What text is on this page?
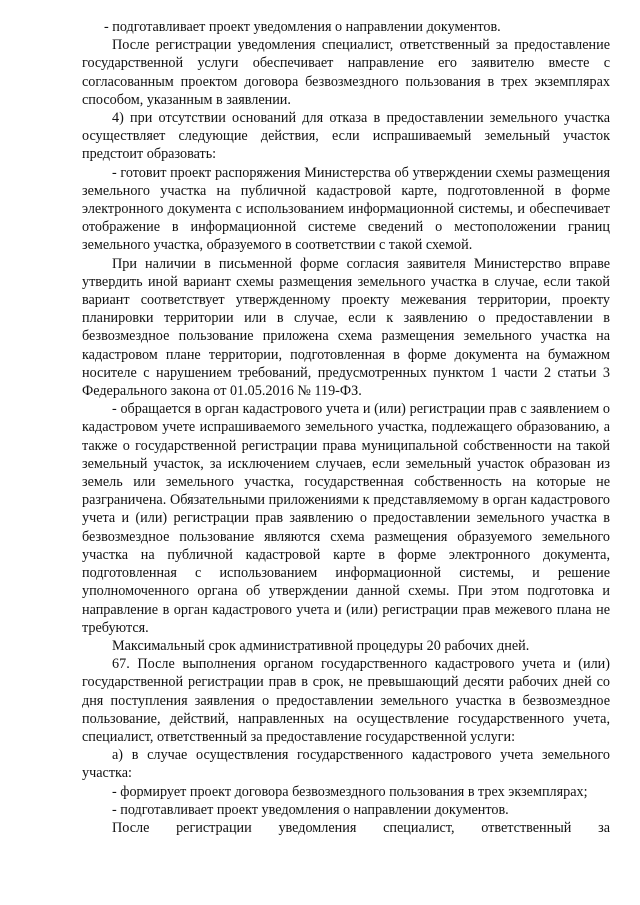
- подготавливает проект уведомления о направлении документов.

После регистрации уведомления специалист, ответственный за предоставление государственной услуги обеспечивает направление его заявителю вместе с согласованным проектом договора безвозмездного пользования в трех экземплярах способом, указанным в заявлении.

4) при отсутствии оснований для отказа в предоставлении земельного участка осуществляет следующие действия, если испрашиваемый земельный участок предстоит образовать:

- готовит проект распоряжения Министерства об утверждении схемы размещения земельного участка на публичной кадастровой карте, подготовленной в форме электронного документа с использованием информационной системы, и обеспечивает отображение в информационной системе сведений о местоположении границ земельного участка, образуемого в соответствии с такой схемой.

При наличии в письменной форме согласия заявителя Министерство вправе утвердить иной вариант схемы размещения земельного участка в случае, если такой вариант соответствует утвержденному проекту межевания территории, проекту планировки территории или в случае, если к заявлению о предоставлении в безвозмездное пользование приложена схема размещения земельного участка на кадастровом плане территории, подготовленная в форме документа на бумажном носителе с нарушением требований, предусмотренных пунктом 1 части 2 статьи 3 Федерального закона от 01.05.2016 № 119-ФЗ.

- обращается в орган кадастрового учета и (или) регистрации прав с заявлением о кадастровом учете испрашиваемого земельного участка, подлежащего образованию, а также о государственной регистрации права муниципальной собственности на такой земельный участок, за исключением случаев, если земельный участок образован из земель или земельного участка, государственная собственность на которые не разграничена. Обязательными приложениями к представляемому в орган кадастрового учета и (или) регистрации прав заявлению о предоставлении земельного участка в безвозмездное пользование являются схема размещения образуемого земельного участка на публичной кадастровой карте в форме электронного документа, подготовленная с использованием информационной системы, и решение уполномоченного органа об утверждении данной схемы. При этом подготовка и направление в орган кадастрового учета и (или) регистрации прав межевого плана не требуются.

Максимальный срок административной процедуры 20 рабочих дней.

67. После выполнения органом государственного кадастрового учета и (или) государственной регистрации прав в срок, не превышающий десяти рабочих дней со дня поступления заявления о предоставлении земельного участка в безвозмездное пользование, действий, направленных на осуществление государственного учета, специалист, ответственный за предоставление государственной услуги:

а) в случае осуществления государственного кадастрового учета земельного участка:

- формирует проект договора безвозмездного пользования в трех экземплярах;

- подготавливает проект уведомления о направлении документов.

После регистрации уведомления специалист, ответственный за
